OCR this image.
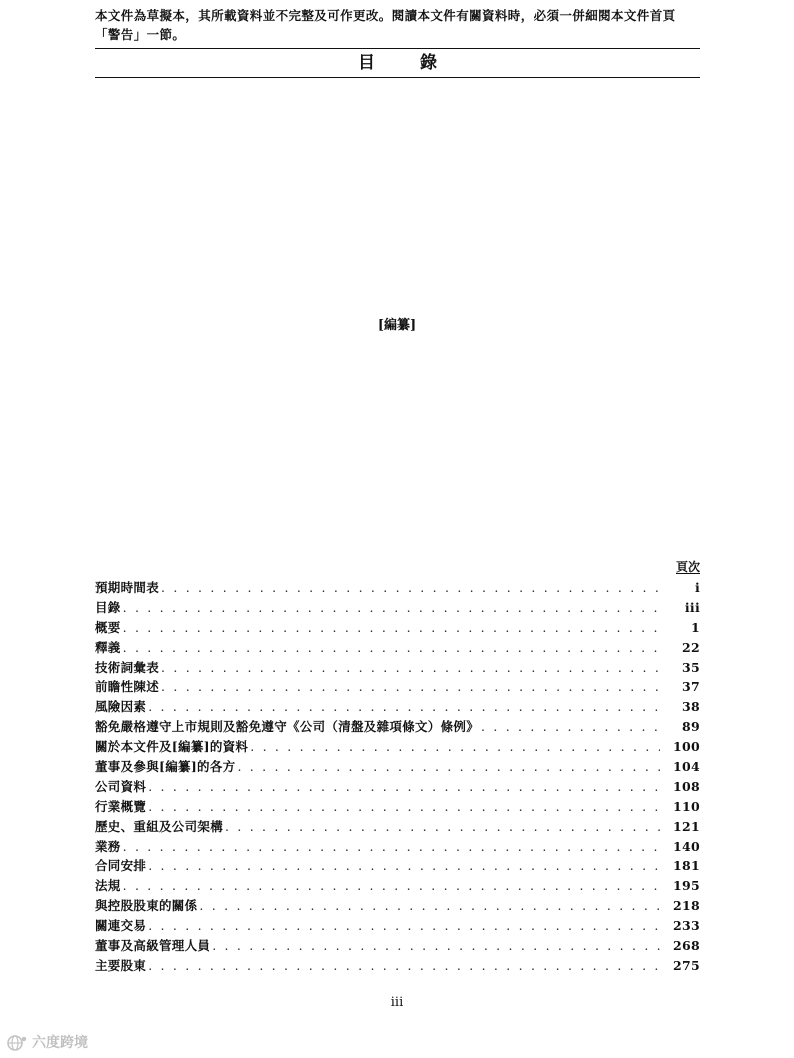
本文件為草擬本，其所載資料並不完整及可作更改。閱讀本文件有關資料時，必須一併細閱本文件首頁「警告」一節。

目　錄
[編纂]
頁次
預期時間表 . . .	i
目錄 . . .	iii
概要 . . .	1
釋義 . . .	22
技術詞彙表 . . .	35
前瞻性陳述 . . .	37
風險因素 . . .	38
豁免嚴格遵守上市規則及豁免遵守《公司（清盤及雜項條文）條例》 . . .	89
關於本文件及[編纂]的資料 . . .	100
董事及參與[編纂]的各方 . . .	104
公司資料 . . .	108
行業概覽 . . .	110
歷史、重組及公司架構 . . .	121
業務 . . .	140
合同安排 . . .	181
法規 . . .	195
與控股股東的關係 . . .	218
關連交易 . . .	233
董事及高級管理人員 . . .	268
主要股東 . . .	275
iii
六度跨境
